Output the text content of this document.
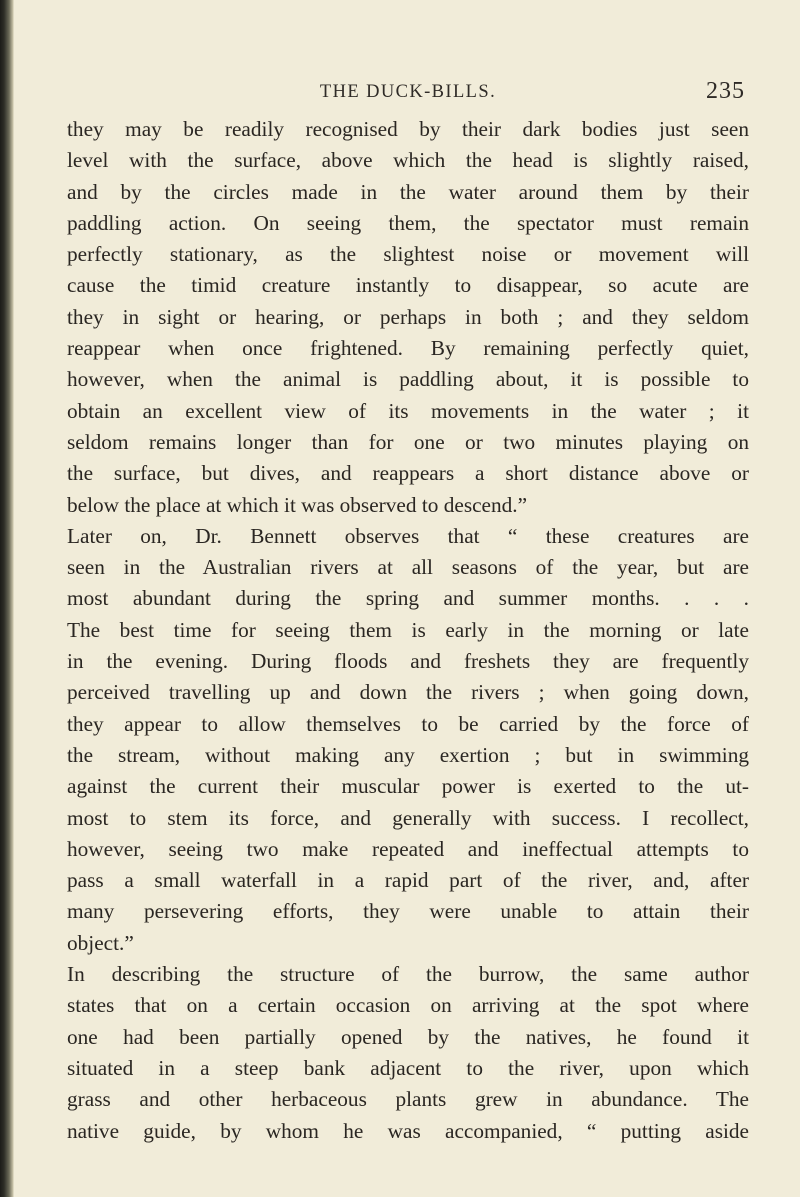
THE DUCK-BILLS.	235
they may be readily recognised by their dark bodies just seen
level with the surface, above which the head is slightly raised,
and by the circles made in the water around them by their
paddling action. On seeing them, the spectator must remain
perfectly stationary, as the slightest noise or movement will
cause the timid creature instantly to disappear, so acute are
they in sight or hearing, or perhaps in both ; and they seldom
reappear when once frightened. By remaining perfectly quiet,
however, when the animal is paddling about, it is possible to
obtain an excellent view of its movements in the water ; it
seldom remains longer than for one or two minutes playing on
the surface, but dives, and reappears a short distance above or
below the place at which it was observed to descend.”
Later on, Dr. Bennett observes that “ these creatures are
seen in the Australian rivers at all seasons of the year, but are
most abundant during the spring and summer months. . . .
The best time for seeing them is early in the morning or late
in the evening. During floods and freshets they are frequently
perceived travelling up and down the rivers ; when going down,
they appear to allow themselves to be carried by the force of
the stream, without making any exertion ; but in swimming
against the current their muscular power is exerted to the ut-
most to stem its force, and generally with success. I recollect,
however, seeing two make repeated and ineffectual attempts to
pass a small waterfall in a rapid part of the river, and, after
many persevering efforts, they were unable to attain their
object.”
In describing the structure of the burrow, the same author
states that on a certain occasion on arriving at the spot where
one had been partially opened by the natives, he found it
situated in a steep bank adjacent to the river, upon which
grass and other herbaceous plants grew in abundance. The
native guide, by whom he was accompanied, “ putting aside
